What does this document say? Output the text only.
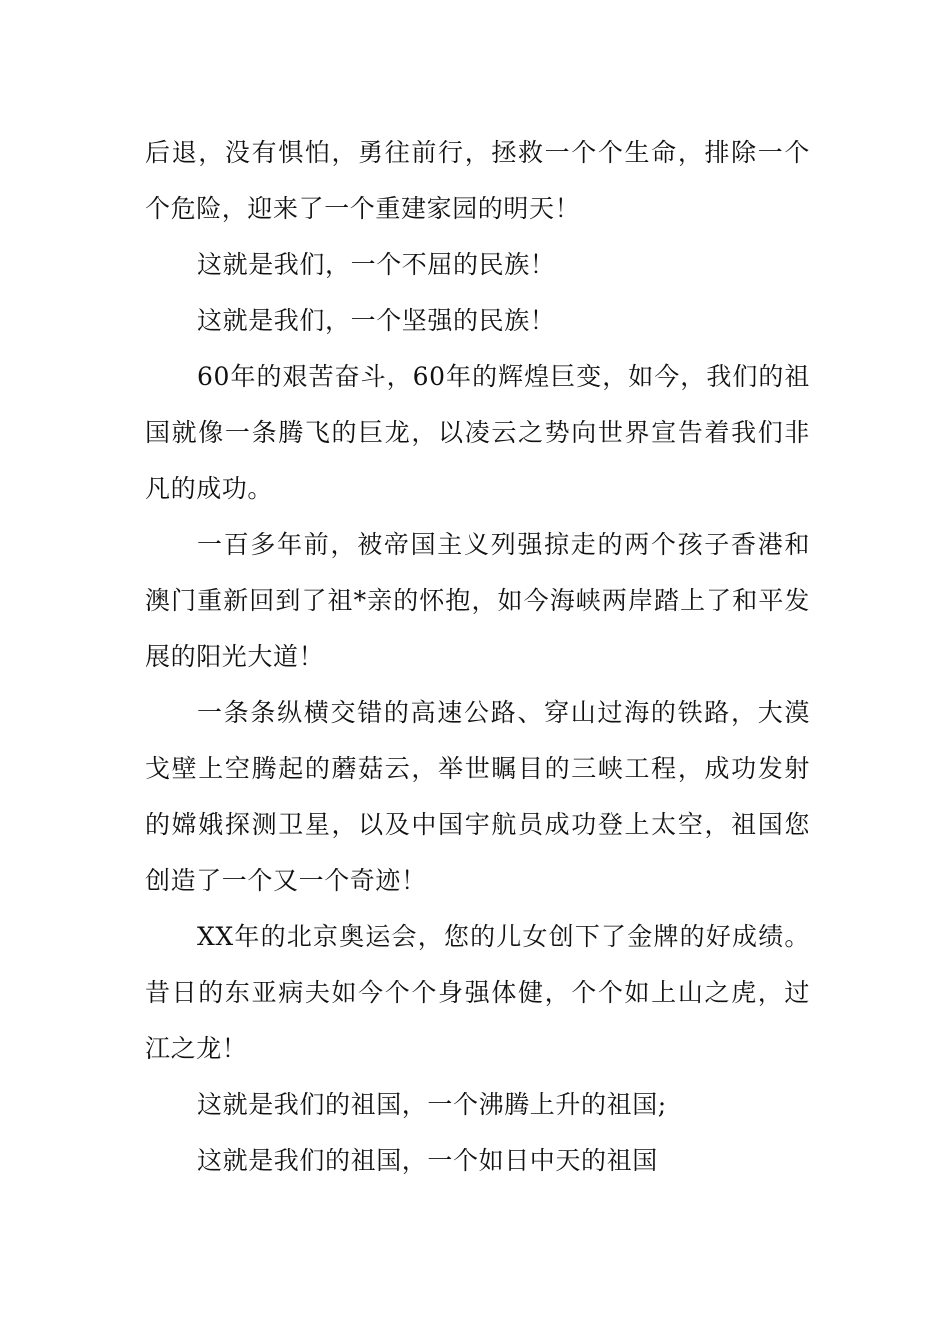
后退，没有惧怕，勇往前行，拯救一个个生命，排除一个个危险，迎来了一个重建家园的明天！

这就是我们，一个不屈的民族！

这就是我们，一个坚强的民族！

60年的艰苦奋斗，60年的辉煌巨变，如今，我们的祖国就像一条腾飞的巨龙，以凌云之势向世界宣告着我们非凡的成功。

一百多年前，被帝国主义列强掠走的两个孩子香港和澳门重新回到了祖*亲的怀抱，如今海峡两岸踏上了和平发展的阳光大道！

一条条纵横交错的高速公路、穿山过海的铁路，大漠戈壁上空腾起的蘑菇云，举世瞩目的三峡工程，成功发射的嫦娥探测卫星，以及中国宇航员成功登上太空，祖国您创造了一个又一个奇迹！

XX年的北京奥运会，您的儿女创下了金牌的好成绩。昔日的东亚病夫如今个个身强体健，个个如上山之虎，过江之龙！

这就是我们的祖国，一个沸腾上升的祖国;

这就是我们的祖国，一个如日中天的祖国
